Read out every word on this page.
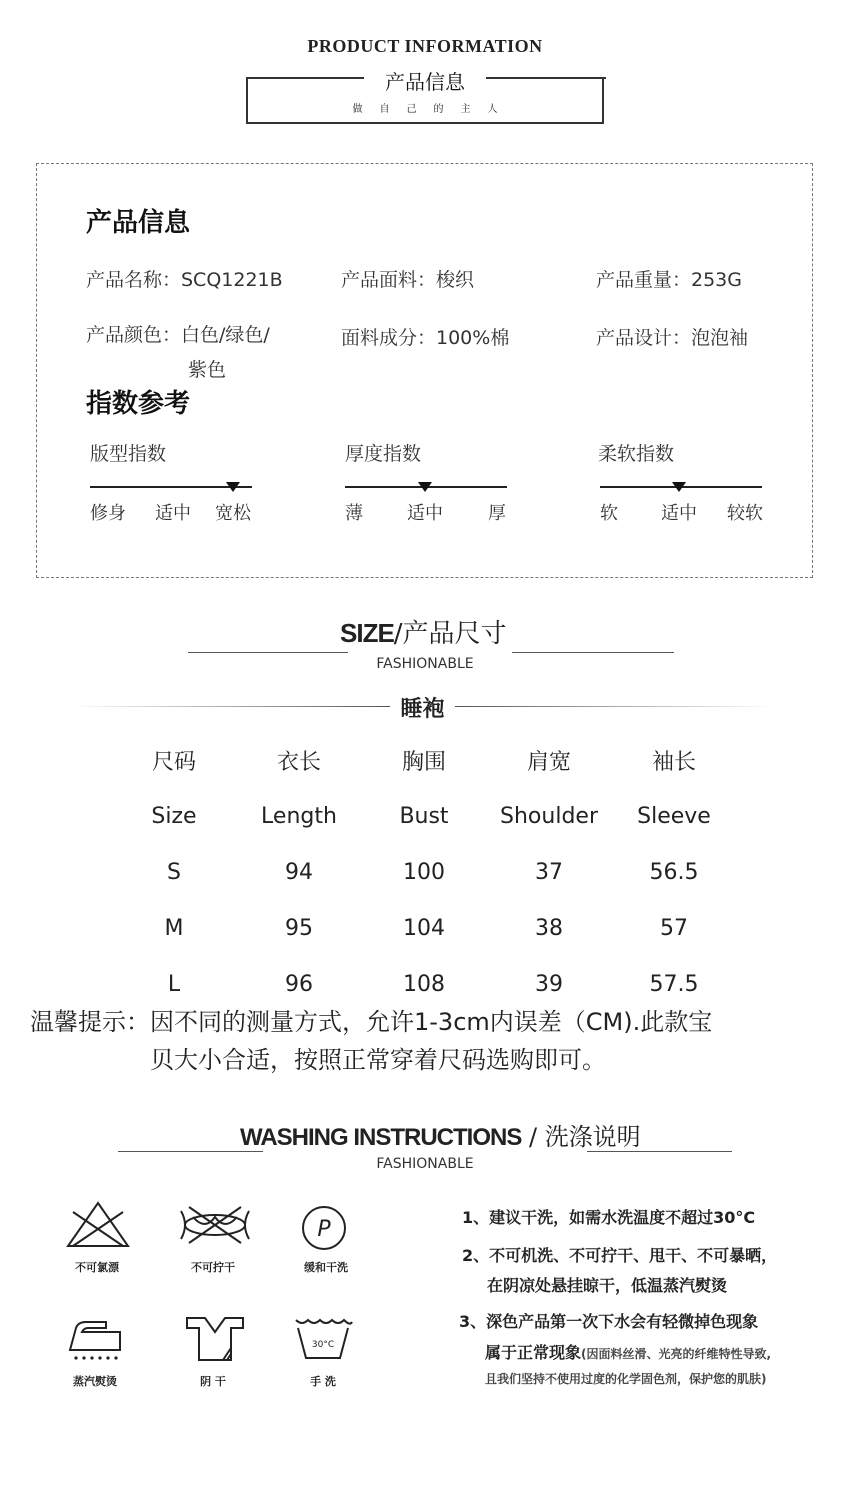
PRODUCT INFORMATION
产品信息
做自己的主人
产品信息
产品名称：SCQ1221B	产品面料：梭织	产品重量：253G
产品颜色：白色/绿色/
紫色
面料成分：100%棉	产品设计：泡泡袖
指数参考
版型指数
修身 适中 宽松
厚度指数
薄 适中	厚
柔软指数
软 适中 较软
SIZE/产品尺寸
FASHIONABLE
睡袍
尺码	衣长	胸围	肩宽	袖长
Size	Length	Bust	Shoulder	Sleeve
S	94	100	37	56.5
M	95	104	38	57
L	96	108	39	57.5
温馨提示：因不同的测量方式，允许1-3cm内误差（CM).此款宝
贝大小合适，按照正常穿着尺码选购即可。
WASHING INSTRUCTIONS / 洗涤说明
FASHIONABLE
不可氯漂	不可拧干
P
缓和干洗
蒸汽熨烫	阴 干
30°C
手 洗
1、建议干洗，如需水洗温度不超过30°C
2、不可机洗、不可拧干、甩干、不可暴晒，
在阴凉处悬挂晾干，低温蒸汽熨烫
3、深色产品第一次下水会有轻微掉色现象
属于正常现象(因面料丝滑、光亮的纤维特性导致,
且我们坚持不使用过度的化学固色剂，保护您的肌肤)
